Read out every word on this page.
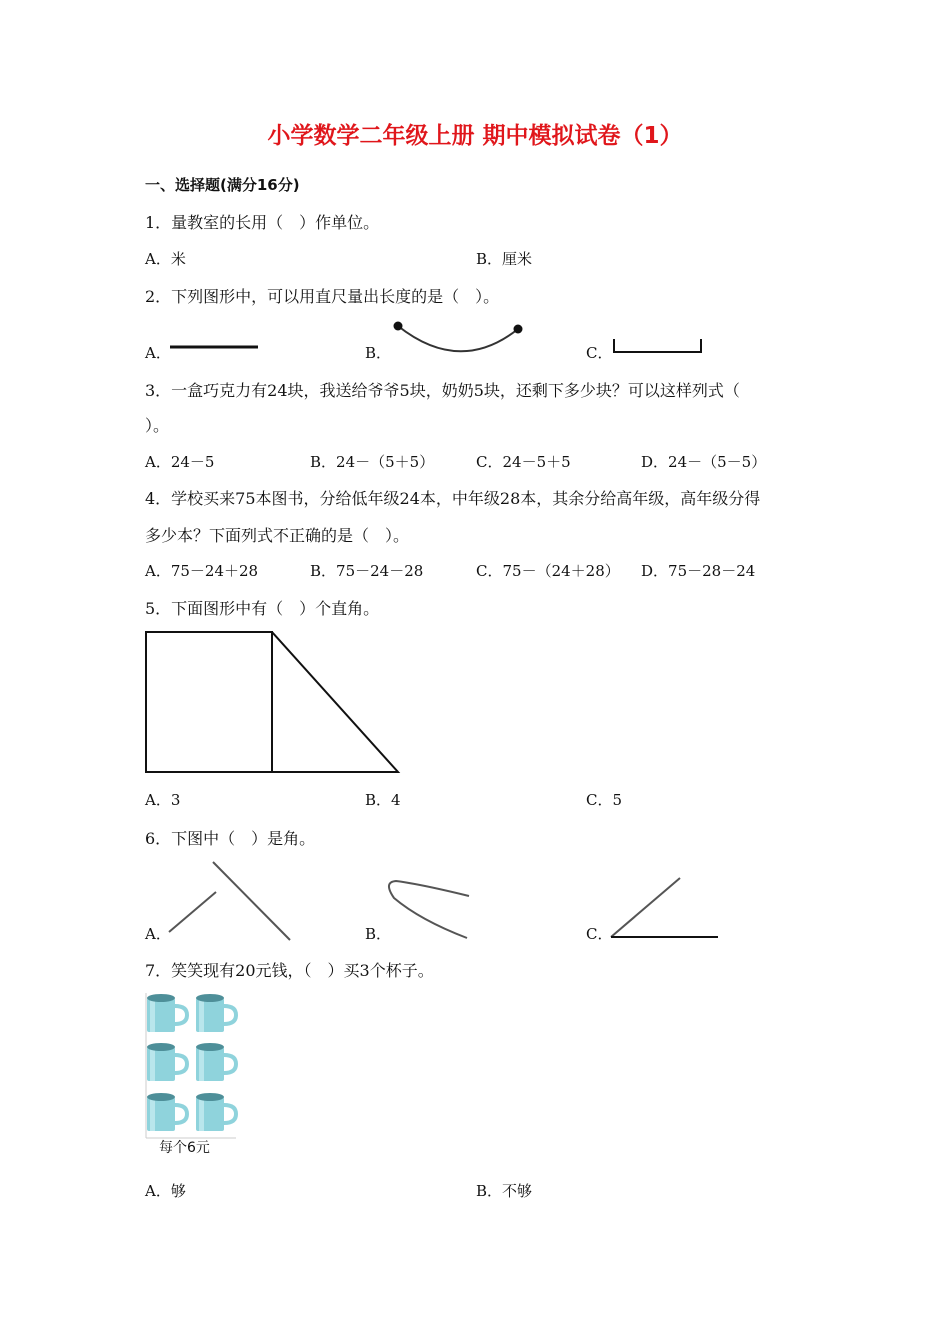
小学数学二年级上册 期中模拟试卷（1）
一、选择题(满分16分)
1．量教室的长用（　）作单位。
A．米	B．厘米
2．下列图形中，可以用直尺量出长度的是（　）。
A．	B．	C．
3．一盒巧克力有24块，我送给爷爷5块，奶奶5块，还剩下多少块？可以这样列式（
）。
A．24－5	B．24－（5＋5）	C．24－5＋5	D．24－（5－5）
4．学校买来75本图书，分给低年级24本，中年级28本，其余分给高年级，高年级分得
多少本？下面列式不正确的是（　）。
A．75－24＋28	B．75－24－28	C．75－（24＋28） D．75－28－24
5．下面图形中有（　）个直角。
A．3	B．4	C．5
6．下图中（　）是角。
A．	B．	C．
7．笑笑现有20元钱，（　）买3个杯子。
每个6元
A．够	B．不够
